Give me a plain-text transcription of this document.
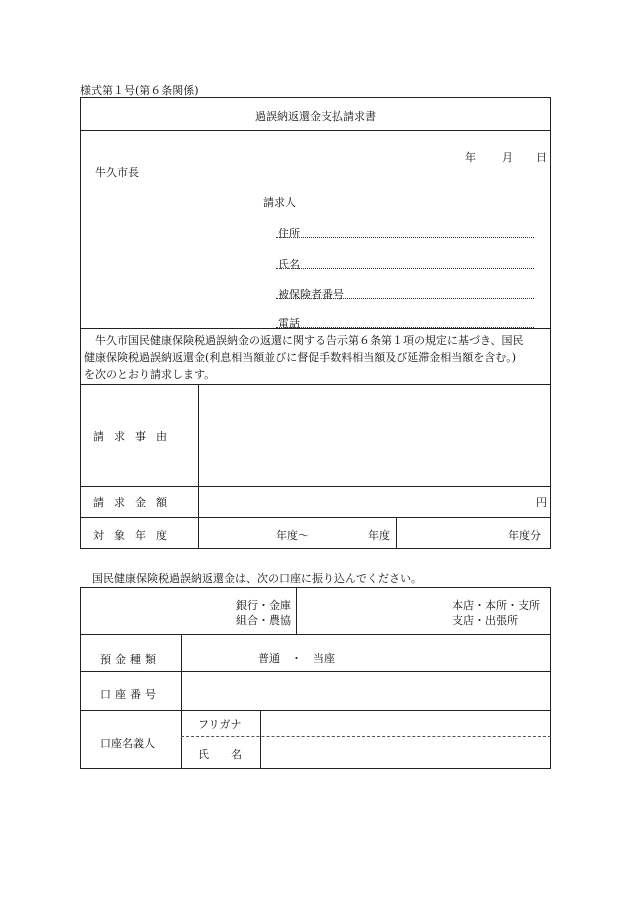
様式第１号(第６条関係)
過誤納返還金支払請求書
年 月 日
牛久市長
請求人
住所
氏名
被保険者番号
電話
　牛久市国民健康保険税過誤納金の返還に関する告示第６条第１項の規定に基づき、国民
健康保険税過誤納返還金(利息相当額並びに督促手数料相当額及び延滞金相当額を含む。)
を次のとおり請求します。
請求事由
請求金額	円
対象年度	年度～	年度	年度分
国民健康保険税過誤納返還金は、次の口座に振り込んでください。
銀行・金庫
組合・農協
本店・本所・支所
支店・出張所
預金種類	普通　・　当座
口座番号
口座名義人
フリガナ
氏　　名
